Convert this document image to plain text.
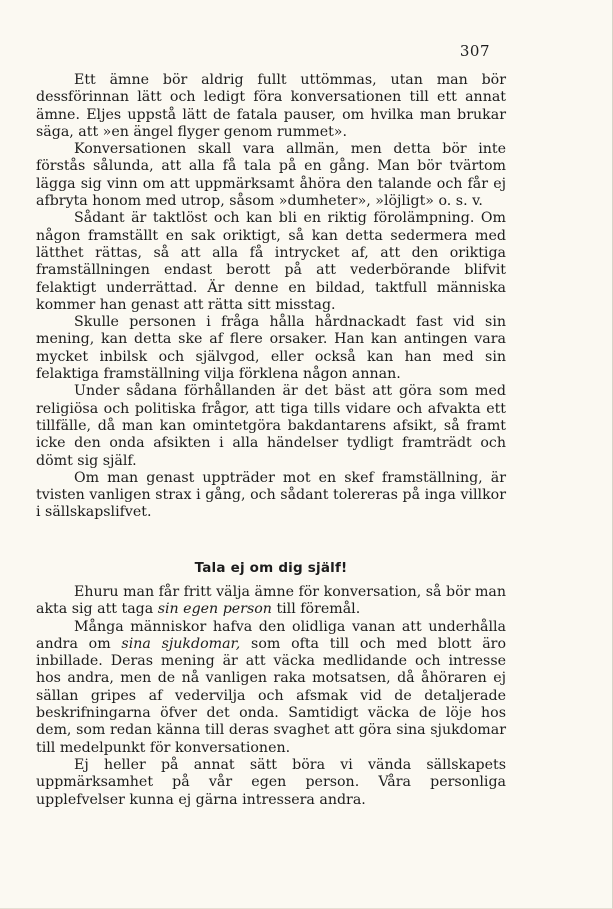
307

Ett ämne bör aldrig fullt uttömmas, utan man bör dessförinnan lätt och ledigt föra konversationen till ett annat ämne. Eljes uppstå lätt de fatala pauser, om hvilka man brukar säga, att »en ängel flyger genom rummet».

Konversationen skall vara allmän, men detta bör inte förstås sålunda, att alla få tala på en gång. Man bör tvärtom lägga sig vinn om att uppmärksamt åhöra den talande och får ej afbryta honom med utrop, såsom »dumheter», »löjligt» o. s. v.

Sådant är taktlöst och kan bli en riktig förolämpning. Om någon framställt en sak oriktigt, så kan detta sedermera med lätthet rättas, så att alla få intrycket af, att den oriktiga framställningen endast berott på att vederbörande blifvit felaktigt underrättad. Är denne en bildad, taktfull människa kommer han genast att rätta sitt misstag.

Skulle personen i fråga hålla hårdnackadt fast vid sin mening, kan detta ske af flere orsaker. Han kan antingen vara mycket inbilsk och självgod, eller också kan han med sin felaktiga framställning vilja förklena någon annan.

Under sådana förhållanden är det bäst att göra som med religiösa och politiska frågor, att tiga tills vidare och afvakta ett tillfälle, då man kan omintetgöra bakdantarens afsikt, så framt icke den onda afsikten i alla händelser tydligt framträdt och dömt sig själf.

Om man genast uppträder mot en skef framställning, är tvisten vanligen strax i gång, och sådant tolereras på inga villkor i sällskapslifvet.

Tala ej om dig själf!

Ehuru man får fritt välja ämne för konversation, så bör man akta sig att taga sin egen person till föremål.

Många människor hafva den olidliga vanan att underhålla andra om sina sjukdomar, som ofta till och med blott äro inbillade. Deras mening är att väcka medlidande och intresse hos andra, men de nå vanligen raka motsatsen, då åhöraren ej sällan gripes af vedervilja och afsmak vid de detaljerade beskrifningarna öfver det onda. Samtidigt väcka de löje hos dem, som redan känna till deras svaghet att göra sina sjukdomar till medelpunkt för konversationen.

Ej heller på annat sätt böra vi vända sällskapets uppmärksamhet på vår egen person. Våra personliga upplefvelser kunna ej gärna intressera andra.
